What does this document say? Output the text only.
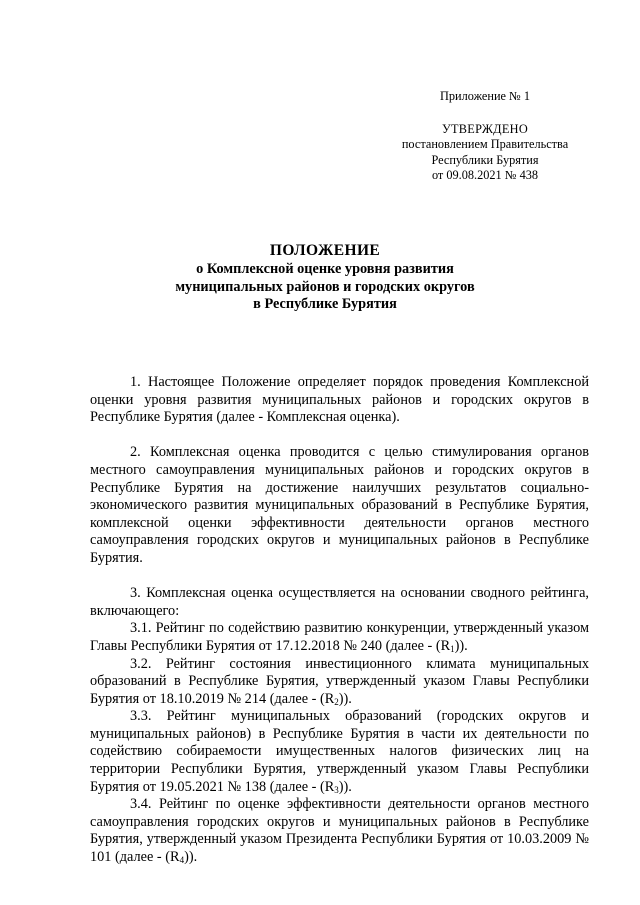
Приложение № 1
УТВЕРЖДЕНО
постановлением Правительства
Республики Бурятия
от 09.08.2021 № 438
ПОЛОЖЕНИЕ
о Комплексной оценке уровня развития
муниципальных районов и городских округов
в Республике Бурятия

1. Настоящее Положение определяет порядок проведения Комплексной оценки уровня развития муниципальных районов и городских округов в Республике Бурятия (далее - Комплексная оценка).

2. Комплексная оценка проводится с целью стимулирования органов местного самоуправления муниципальных районов и городских округов в Республике Бурятия на достижение наилучших результатов социально-экономического развития муниципальных образований в Республике Бурятия, комплексной оценки эффективности деятельности органов местного самоуправления городских округов и муниципальных районов в Республике Бурятия.

3. Комплексная оценка осуществляется на основании сводного рейтинга, включающего:

3.1. Рейтинг по содействию развитию конкуренции, утвержденный указом Главы Республики Бурятия от 17.12.2018 № 240 (далее - $(R_1)$).

3.2. Рейтинг состояния инвестиционного климата муниципальных образований в Республике Бурятия, утвержденный указом Главы Республики Бурятия от 18.10.2019 № 214 (далее - $(R_2)$).

3.3. Рейтинг муниципальных образований (городских округов и муниципальных районов) в Республике Бурятия в части их деятельности по содействию собираемости имущественных налогов физических лиц на территории Республики Бурятия, утвержденный указом Главы Республики Бурятия от 19.05.2021 № 138 (далее - $(R_3)$).

3.4. Рейтинг по оценке эффективности деятельности органов местного самоуправления городских округов и муниципальных районов в Республике Бурятия, утвержденный указом Президента Республики Бурятия от 10.03.2009 № 101 (далее - $(R_4)$).
